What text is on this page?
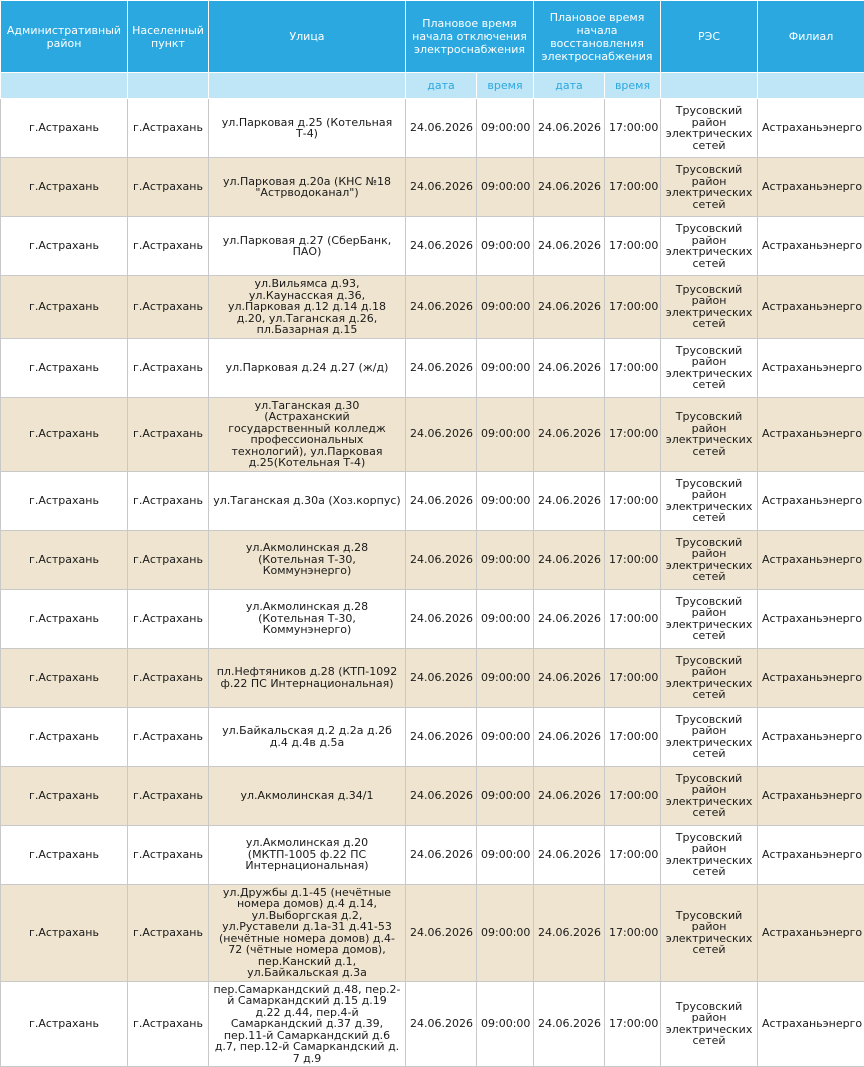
Административный район	Населенный пункт	Улица	Плановое время начала отключения электроснабжения		Плановое время начала восстановления электроснабжения		РЭС	Филиал
			дата	время	дата	время		
г.Астрахань	г.Астрахань	ул.Парковая д.25 (Котельная Т-4)	24.06.2026	09:00:00	24.06.2026	17:00:00	Трусовский район электрических сетей	Астраханьэнерго
г.Астрахань	г.Астрахань	ул.Парковая д.20а (КНС №18 "Астрводоканал")	24.06.2026	09:00:00	24.06.2026	17:00:00	Трусовский район электрических сетей	Астраханьэнерго
г.Астрахань	г.Астрахань	ул.Парковая д.27 (СберБанк, ПАО)	24.06.2026	09:00:00	24.06.2026	17:00:00	Трусовский район электрических сетей	Астраханьэнерго
г.Астрахань	г.Астрахань	ул.Вильямса д.93, ул.Каунасская д.36, ул.Парковая д.12 д.14 д.18 д.20, ул.Таганская д.26, пл.Базарная д.15	24.06.2026	09:00:00	24.06.2026	17:00:00	Трусовский район электрических сетей	Астраханьэнерго
г.Астрахань	г.Астрахань	ул.Парковая д.24 д.27 (ж/д)	24.06.2026	09:00:00	24.06.2026	17:00:00	Трусовский район электрических сетей	Астраханьэнерго
г.Астрахань	г.Астрахань	ул.Таганская д.30 (Астраханский государственный колледж профессиональных технологий), ул.Парковая д.25(Котельная Т-4)	24.06.2026	09:00:00	24.06.2026	17:00:00	Трусовский район электрических сетей	Астраханьэнерго
г.Астрахань	г.Астрахань	ул.Таганская д.30а (Хоз.корпус)	24.06.2026	09:00:00	24.06.2026	17:00:00	Трусовский район электрических сетей	Астраханьэнерго
г.Астрахань	г.Астрахань	ул.Акмолинская д.28 (Котельная Т-30, Коммунэнерго)	24.06.2026	09:00:00	24.06.2026	17:00:00	Трусовский район электрических сетей	Астраханьэнерго
г.Астрахань	г.Астрахань	ул.Акмолинская д.28 (Котельная Т-30, Коммунэнерго)	24.06.2026	09:00:00	24.06.2026	17:00:00	Трусовский район электрических сетей	Астраханьэнерго
г.Астрахань	г.Астрахань	пл.Нефтяников д.28 (КТП-1092 ф.22 ПС Интернациональная)	24.06.2026	09:00:00	24.06.2026	17:00:00	Трусовский район электрических сетей	Астраханьэнерго
г.Астрахань	г.Астрахань	ул.Байкальская д.2 д.2а д.2б д.4 д.4в д.5а	24.06.2026	09:00:00	24.06.2026	17:00:00	Трусовский район электрических сетей	Астраханьэнерго
г.Астрахань	г.Астрахань	ул.Акмолинская д.34/1	24.06.2026	09:00:00	24.06.2026	17:00:00	Трусовский район электрических сетей	Астраханьэнерго
г.Астрахань	г.Астрахань	ул.Акмолинская д.20 (МКТП-1005 ф.22 ПС Интернациональная)	24.06.2026	09:00:00	24.06.2026	17:00:00	Трусовский район электрических сетей	Астраханьэнерго
г.Астрахань	г.Астрахань	ул.Дружбы д.1-45 (нечётные номера домов) д.4 д.14, ул.Выборгская д.2, ул.Руставели д.1а-31 д.41-53 (нечётные номера домов) д.4-72 (чётные номера домов), пер.Канский д.1, ул.Байкальская д.3а	24.06.2026	09:00:00	24.06.2026	17:00:00	Трусовский район электрических сетей	Астраханьэнерго
г.Астрахань	г.Астрахань	пер.Самаркандский д.48, пер.2-й Самаркандский д.15 д.19 д.22 д.44, пер.4-й Самаркандский д.37 д.39, пер.11-й Самаркандский д.6 д.7, пер.12-й Самаркандский д. 7 д.9	24.06.2026	09:00:00	24.06.2026	17:00:00	Трусовский район электрических сетей	Астраханьэнерго
